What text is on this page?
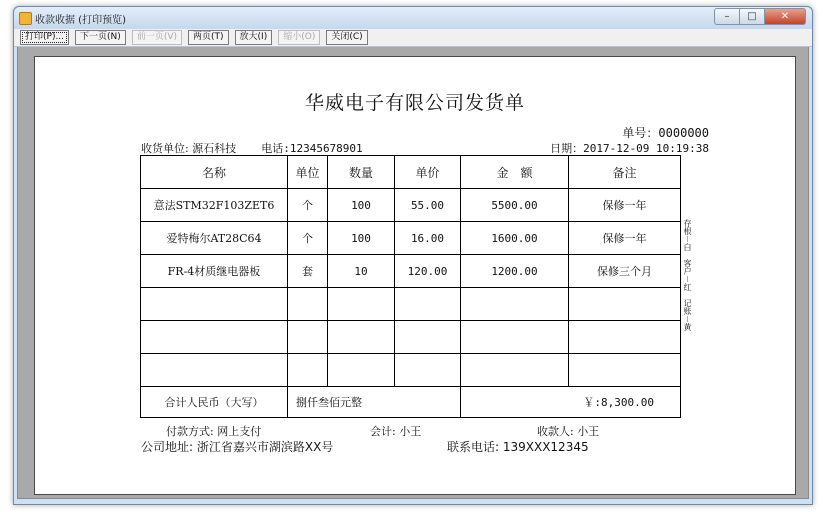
收款收据 (打印预览)	–	□	✕
打印(P)...	下一页(N)	前一页(V)	两页(T)	放大(I)	缩小(O)	关闭(C)
华威电子有限公司发货单
单号：0000000
收货单位: 源石科技 电话:12345678901	日期：2017-12-09 10:19:38
名称	单位	数量	单价	金　额	备注
意法STM32F103ZET6	个	100	55.00	5500.00	保修一年
爱特梅尔AT28C64	个	100	16.00	1600.00	保修一年
FR-4材质继电器板	套	10	120.00	1200.00	保修三个月

合计人民币（大写）	捌仟叁佰元整			￥:8,300.00	
存根－白　客户－红　记账－黄
付款方式: 网上支付	会计: 小王	收款人: 小王
公司地址: 浙江省嘉兴市湖滨路XX号	联系电话: 139XXX12345
